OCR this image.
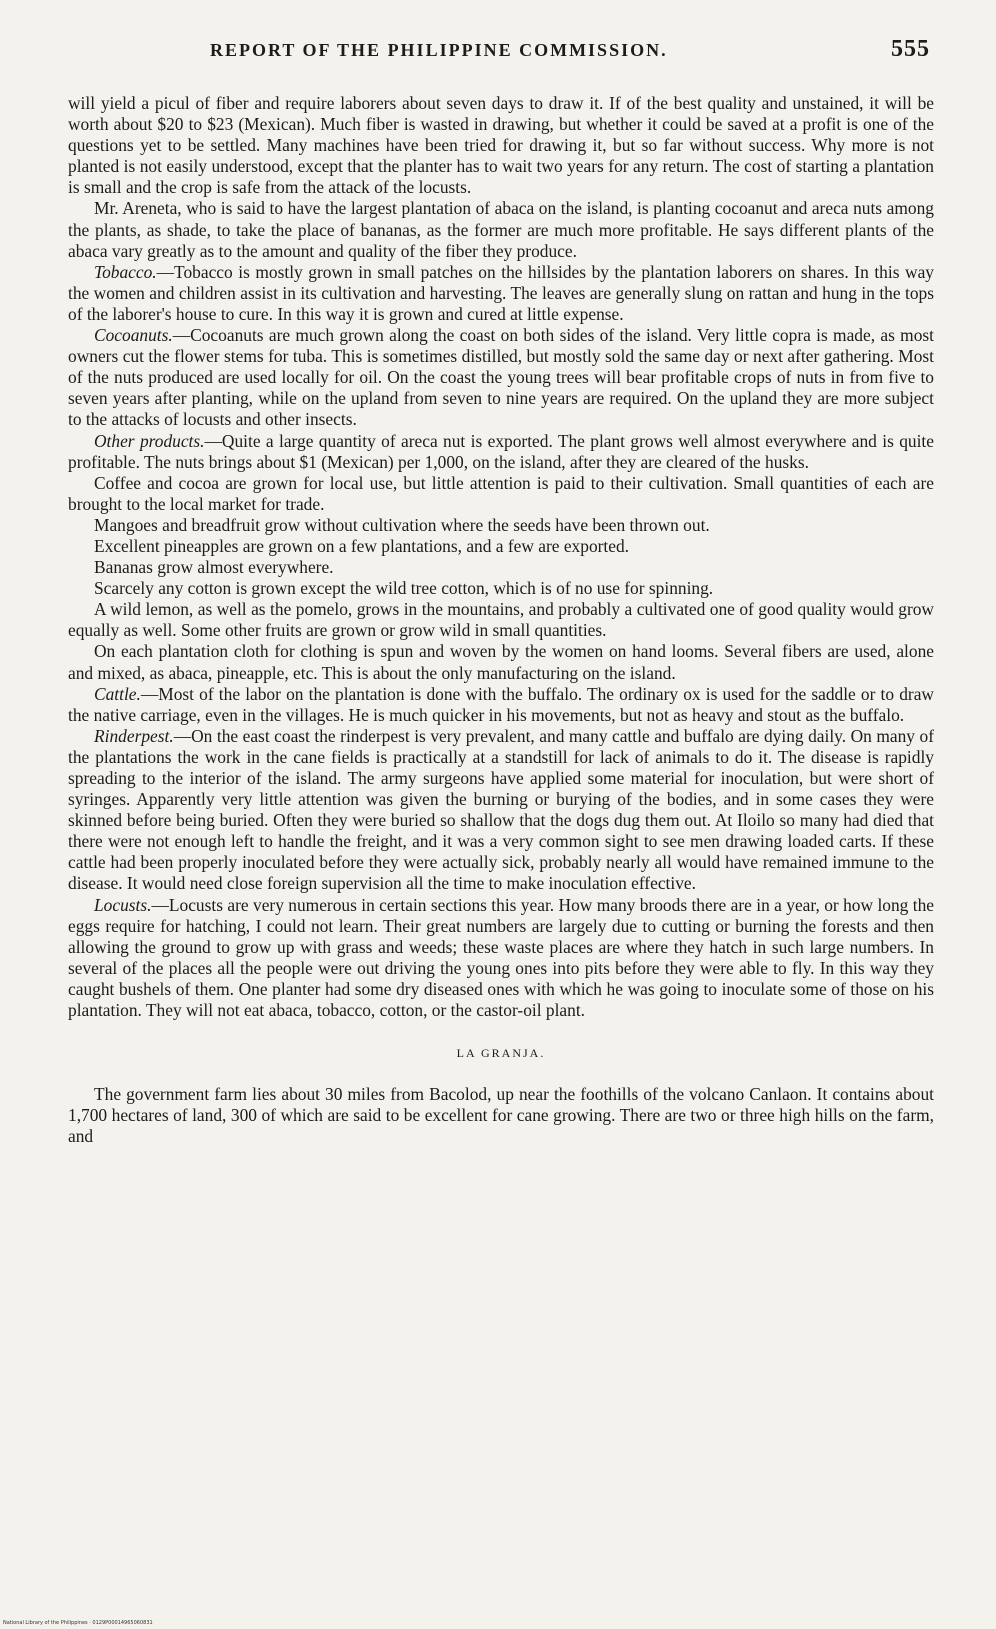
REPORT OF THE PHILIPPINE COMMISSION.	555

will yield a picul of fiber and require laborers about seven days to draw it. If of the best quality and unstained, it will be worth about $20 to $23 (Mexican). Much fiber is wasted in drawing, but whether it could be saved at a profit is one of the questions yet to be settled. Many machines have been tried for drawing it, but so far without success. Why more is not planted is not easily understood, except that the planter has to wait two years for any return. The cost of starting a plantation is small and the crop is safe from the attack of the locusts.

Mr. Areneta, who is said to have the largest plantation of abaca on the island, is planting cocoanut and areca nuts among the plants, as shade, to take the place of bananas, as the former are much more profitable. He says different plants of the abaca vary greatly as to the amount and quality of the fiber they produce.

Tobacco.—Tobacco is mostly grown in small patches on the hillsides by the plantation laborers on shares. In this way the women and children assist in its cultivation and harvesting. The leaves are generally slung on rattan and hung in the tops of the laborer's house to cure. In this way it is grown and cured at little expense.

Cocoanuts.—Cocoanuts are much grown along the coast on both sides of the island. Very little copra is made, as most owners cut the flower stems for tuba. This is sometimes distilled, but mostly sold the same day or next after gathering. Most of the nuts produced are used locally for oil. On the coast the young trees will bear profitable crops of nuts in from five to seven years after planting, while on the upland from seven to nine years are required. On the upland they are more subject to the attacks of locusts and other insects.

Other products.—Quite a large quantity of areca nut is exported. The plant grows well almost everywhere and is quite profitable. The nuts brings about $1 (Mexican) per 1,000, on the island, after they are cleared of the husks.

Coffee and cocoa are grown for local use, but little attention is paid to their cultivation. Small quantities of each are brought to the local market for trade.

Mangoes and breadfruit grow without cultivation where the seeds have been thrown out.

Excellent pineapples are grown on a few plantations, and a few are exported.

Bananas grow almost everywhere.

Scarcely any cotton is grown except the wild tree cotton, which is of no use for spinning.

A wild lemon, as well as the pomelo, grows in the mountains, and probably a cultivated one of good quality would grow equally as well. Some other fruits are grown or grow wild in small quantities.

On each plantation cloth for clothing is spun and woven by the women on hand looms. Several fibers are used, alone and mixed, as abaca, pineapple, etc. This is about the only manufacturing on the island.

Cattle.—Most of the labor on the plantation is done with the buffalo. The ordinary ox is used for the saddle or to draw the native carriage, even in the villages. He is much quicker in his movements, but not as heavy and stout as the buffalo.

Rinderpest.—On the east coast the rinderpest is very prevalent, and many cattle and buffalo are dying daily. On many of the plantations the work in the cane fields is practically at a standstill for lack of animals to do it. The disease is rapidly spreading to the interior of the island. The army surgeons have applied some material for inoculation, but were short of syringes. Apparently very little attention was given the burning or burying of the bodies, and in some cases they were skinned before being buried. Often they were buried so shallow that the dogs dug them out. At Iloilo so many had died that there were not enough left to handle the freight, and it was a very common sight to see men drawing loaded carts. If these cattle had been properly inoculated before they were actually sick, probably nearly all would have remained immune to the disease. It would need close foreign supervision all the time to make inoculation effective.

Locusts.—Locusts are very numerous in certain sections this year. How many broods there are in a year, or how long the eggs require for hatching, I could not learn. Their great numbers are largely due to cutting or burning the forests and then allowing the ground to grow up with grass and weeds; these waste places are where they hatch in such large numbers. In several of the places all the people were out driving the young ones into pits before they were able to fly. In this way they caught bushels of them. One planter had some dry diseased ones with which he was going to inoculate some of those on his plantation. They will not eat abaca, tobacco, cotton, or the castor-oil plant.

LA GRANJA.

The government farm lies about 30 miles from Bacolod, up near the foothills of the volcano Canlaon. It contains about 1,700 hectares of land, 300 of which are said to be excellent for cane growing. There are two or three high hills on the farm, and

National Library of the Philippines · 0129P00014965060831
